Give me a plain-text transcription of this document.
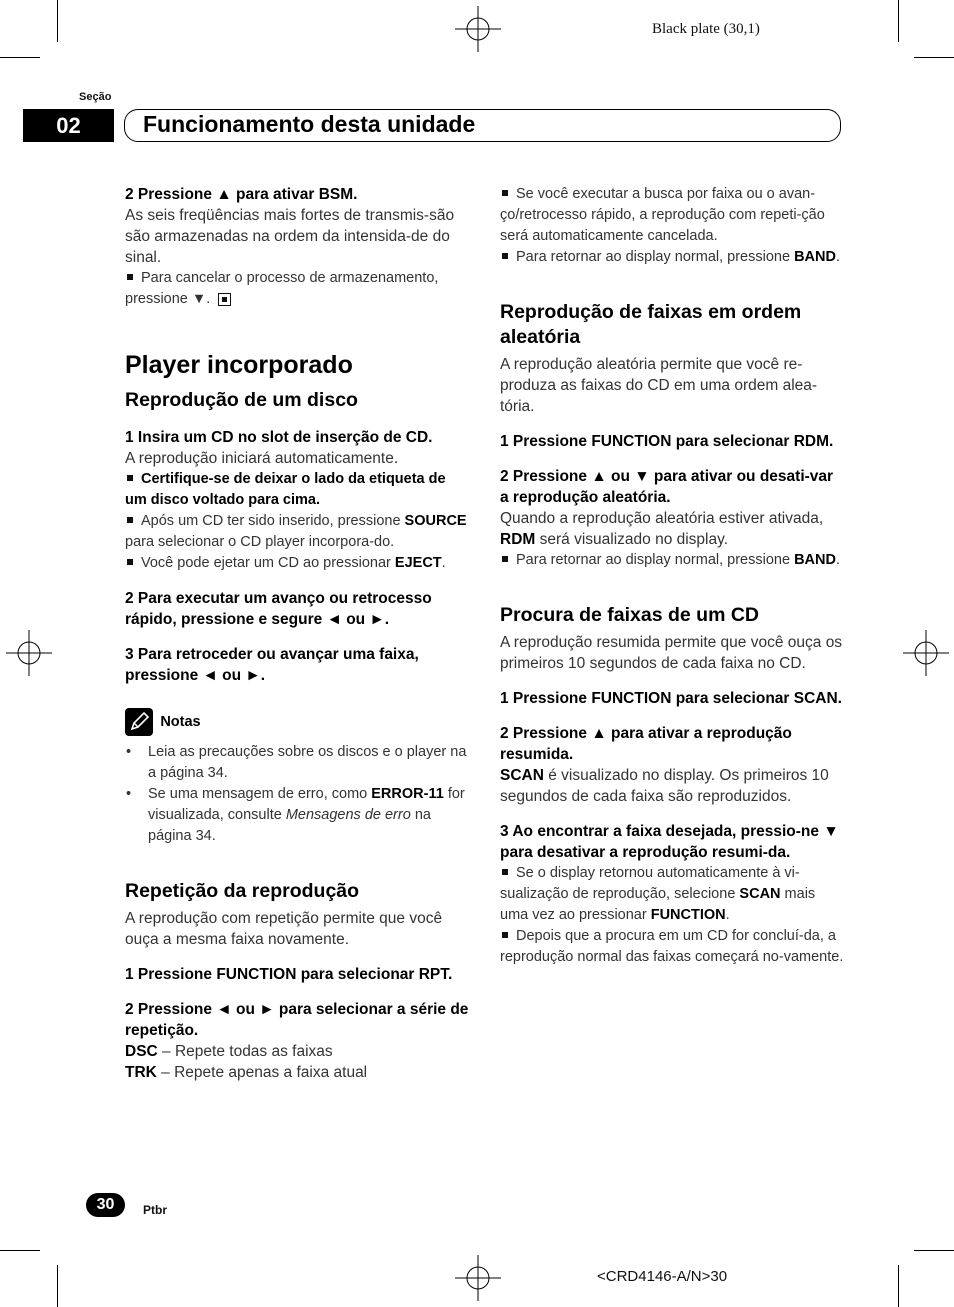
Black plate (30,1)
Seção
02	Funcionamento desta unidade

2 Pressione ▲ para ativar BSM.

As seis freqüências mais fortes de transmis-são são armazenadas na ordem da intensida-de do sinal.

Para cancelar o processo de armazenamento, pressione ▼.

Player incorporado

Reprodução de um disco

1 Insira um CD no slot de inserção de CD.

A reprodução iniciará automaticamente.

Certifique-se de deixar o lado da etiqueta de um disco voltado para cima.

Após um CD ter sido inserido, pressione SOURCE para selecionar o CD player incorpora-do.

Você pode ejetar um CD ao pressionar EJECT.

2 Para executar um avanço ou retrocesso rápido, pressione e segure ◄ ou ►.

3 Para retroceder ou avançar uma faixa, pressione ◄ ou ►.

Notas

• Leia as precauções sobre os discos e o player na a página 34.

• Se uma mensagem de erro, como ERROR-11 for visualizada, consulte Mensagens de erro na página 34.

Repetição da reprodução

A reprodução com repetição permite que você ouça a mesma faixa novamente.

1 Pressione FUNCTION para selecionar RPT.

2 Pressione ◄ ou ► para selecionar a série de repetição.

DSC – Repete todas as faixas

TRK – Repete apenas a faixa atual

Se você executar a busca por faixa ou o avan-ço/retrocesso rápido, a reprodução com repeti-ção será automaticamente cancelada.

Para retornar ao display normal, pressione BAND.

Reprodução de faixas em ordem aleatória

A reprodução aleatória permite que você re-produza as faixas do CD em uma ordem alea-tória.

1 Pressione FUNCTION para selecionar RDM.

2 Pressione ▲ ou ▼ para ativar ou desati-var a reprodução aleatória.

Quando a reprodução aleatória estiver ativada, RDM será visualizado no display.

Para retornar ao display normal, pressione BAND.

Procura de faixas de um CD

A reprodução resumida permite que você ouça os primeiros 10 segundos de cada faixa no CD.

1 Pressione FUNCTION para selecionar SCAN.

2 Pressione ▲ para ativar a reprodução resumida.

SCAN é visualizado no display. Os primeiros 10 segundos de cada faixa são reproduzidos.

3 Ao encontrar a faixa desejada, pressio-ne ▼ para desativar a reprodução resumi-da.

Se o display retornou automaticamente à vi-sualização de reprodução, selecione SCAN mais uma vez ao pressionar FUNCTION.

Depois que a procura em um CD for concluí-da, a reprodução normal das faixas começará no-vamente.

30	Ptbr
<CRD4146-A/N>30
